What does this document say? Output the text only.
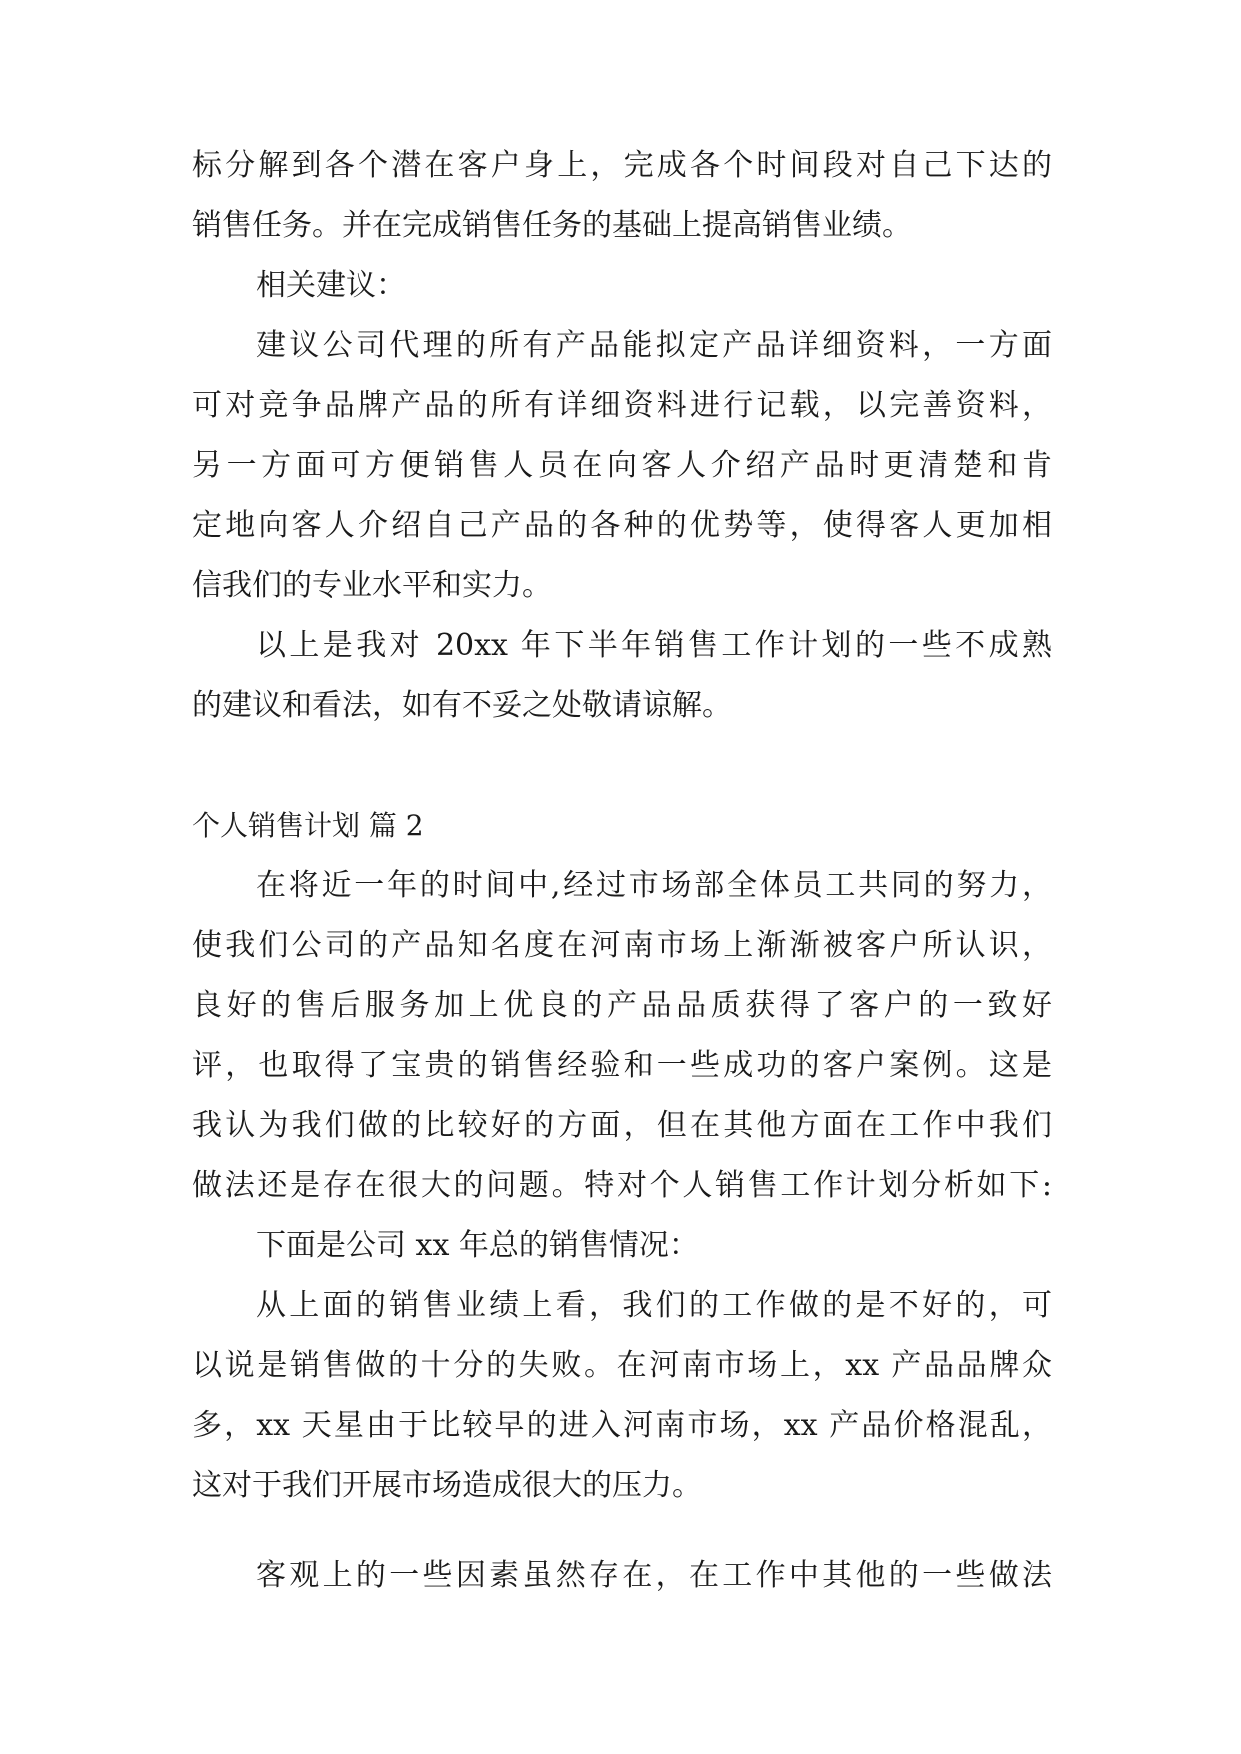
标分解到各个潜在客户身上，完成各个时间段对自己下达的
销售任务。并在完成销售任务的基础上提高销售业绩。
相关建议：
建议公司代理的所有产品能拟定产品详细资料，一方面
可对竞争品牌产品的所有详细资料进行记载，以完善资料，
另一方面可方便销售人员在向客人介绍产品时更清楚和肯
定地向客人介绍自己产品的各种的优势等，使得客人更加相
信我们的专业水平和实力。
以上是我对 20xx 年下半年销售工作计划的一些不成熟
的建议和看法，如有不妥之处敬请谅解。
个人销售计划 篇 2
在将近一年的时间中,经过市场部全体员工共同的努力，
使我们公司的产品知名度在河南市场上渐渐被客户所认识，
良好的售后服务加上优良的产品品质获得了客户的一致好
评，也取得了宝贵的销售经验和一些成功的客户案例。这是
我认为我们做的比较好的方面，但在其他方面在工作中我们
做法还是存在很大的问题。特对个人销售工作计划分析如下:
下面是公司 xx 年总的销售情况：
从上面的销售业绩上看，我们的工作做的是不好的，可
以说是销售做的十分的失败。在河南市场上，xx 产品品牌众
多，xx 天星由于比较早的进入河南市场，xx 产品价格混乱，
这对于我们开展市场造成很大的压力。
客观上的一些因素虽然存在，在工作中其他的一些做法
